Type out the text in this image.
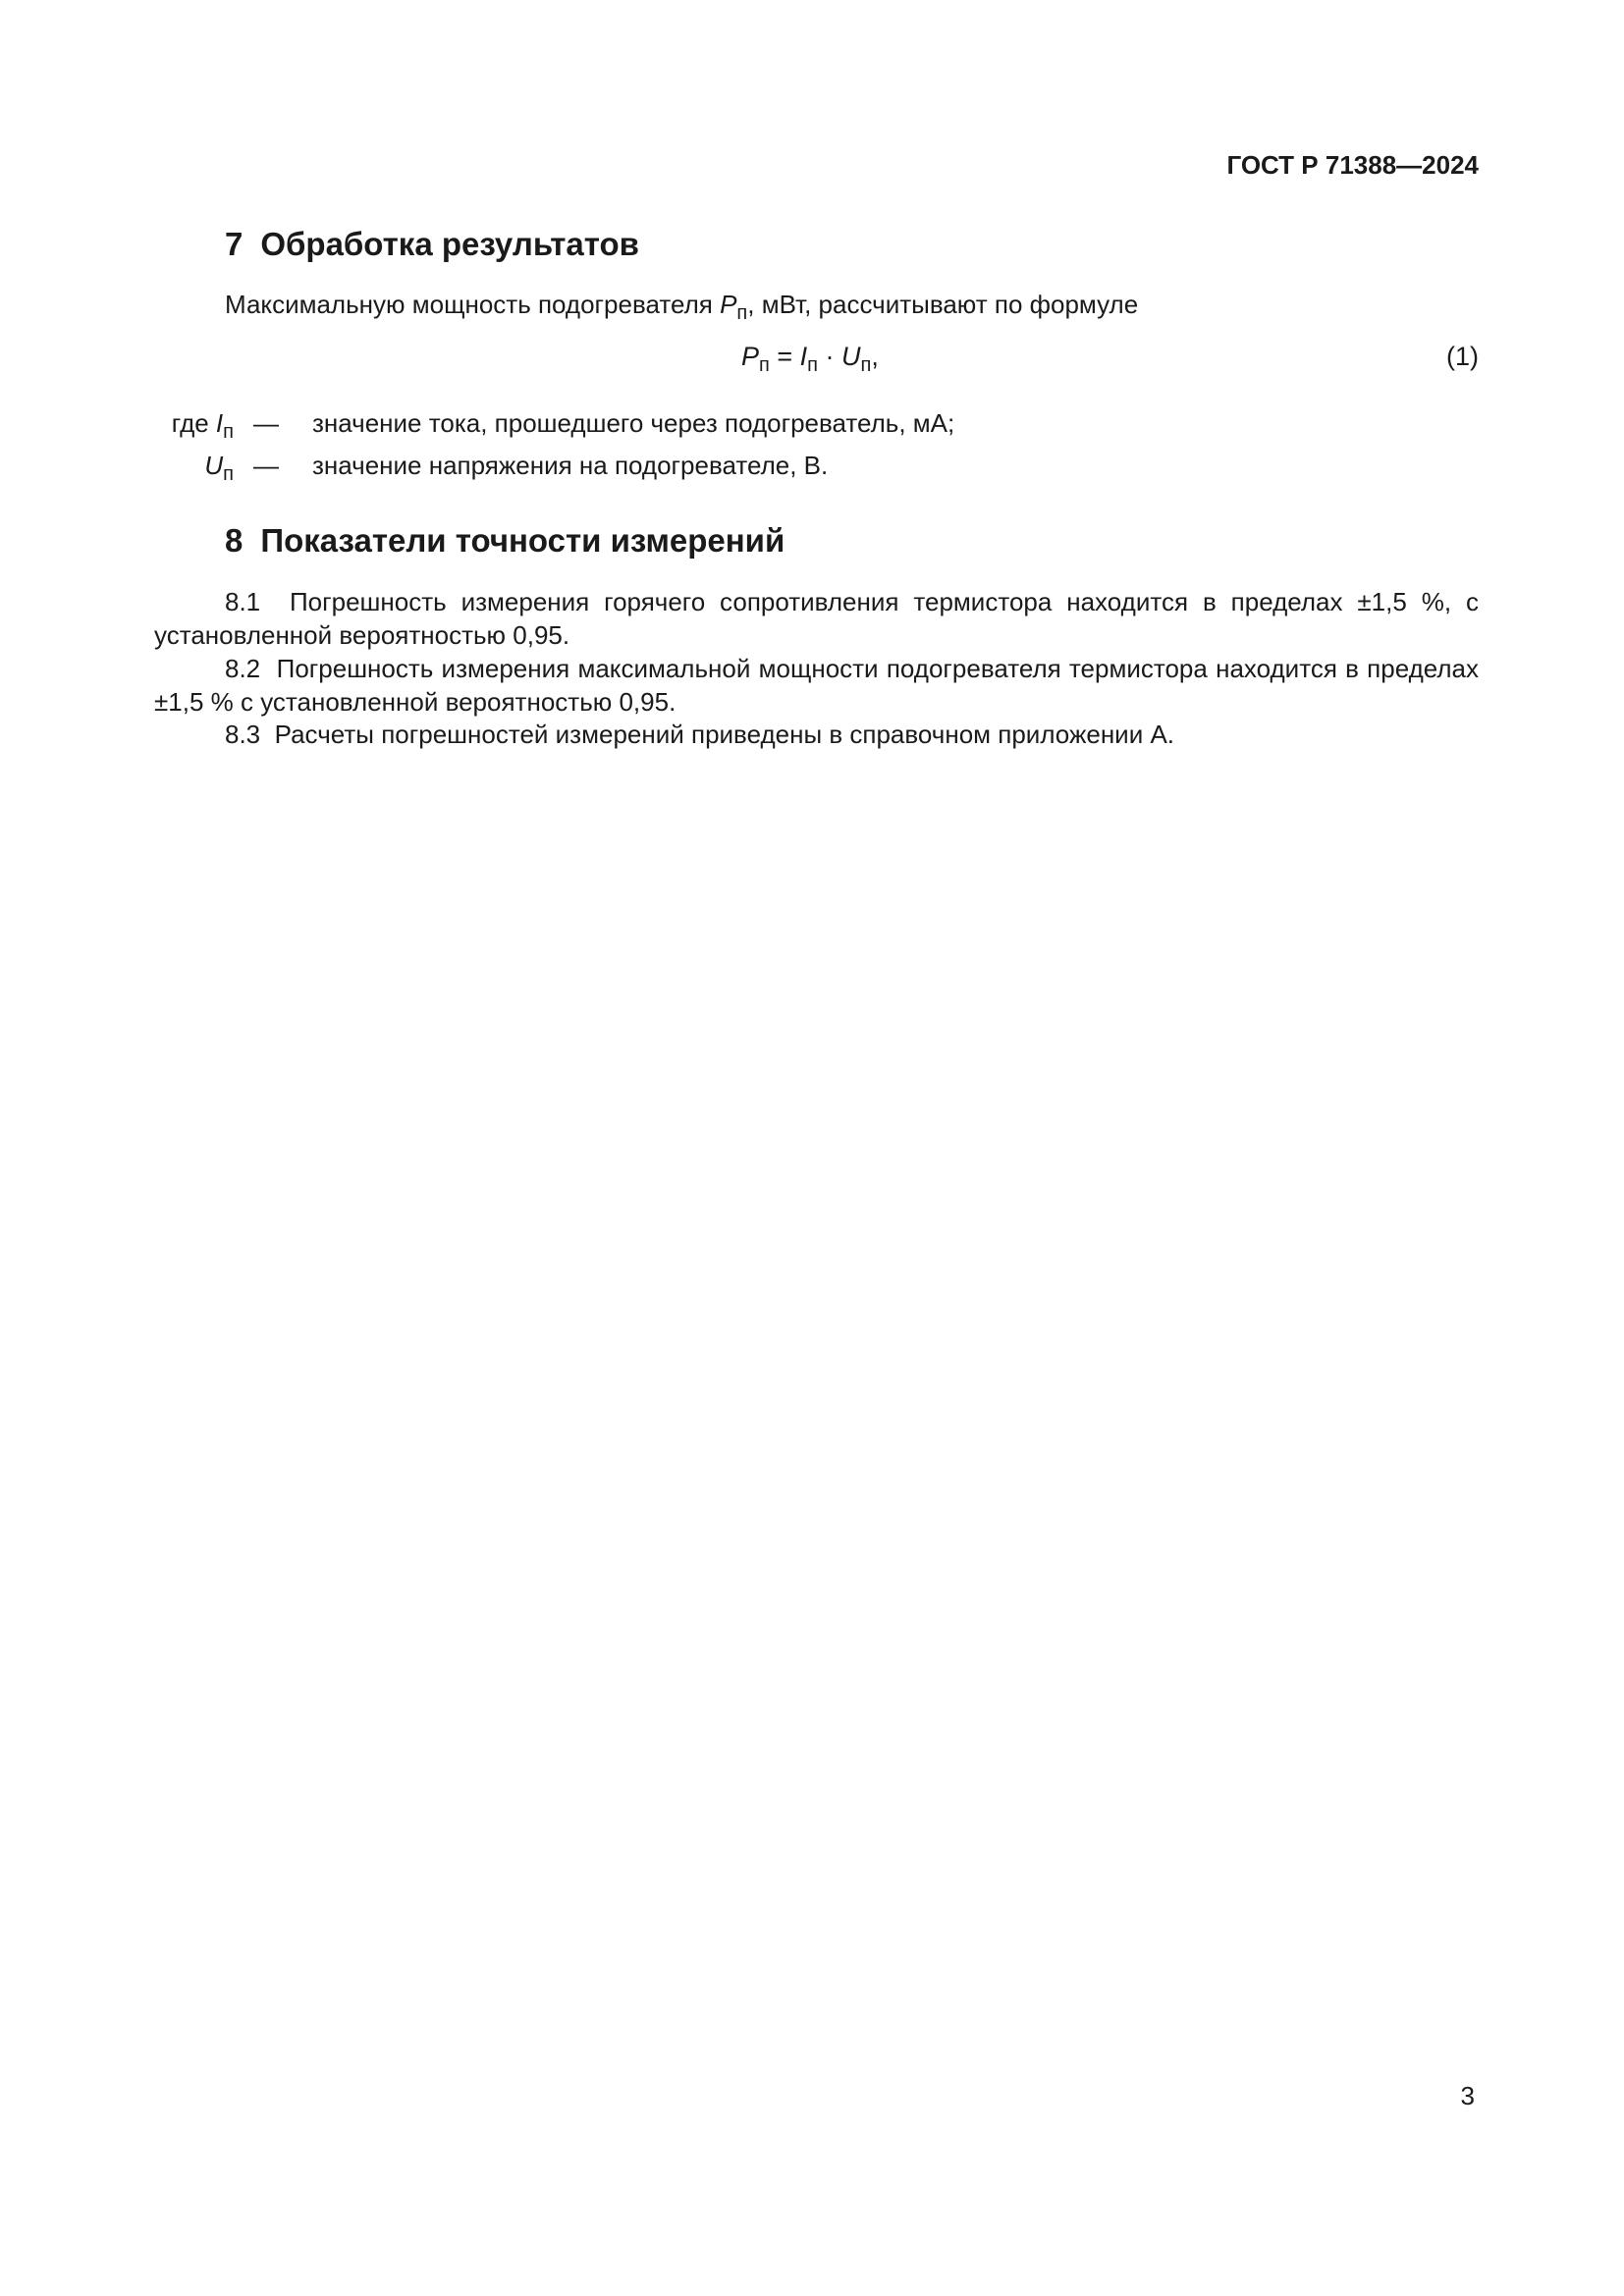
ГОСТ Р 71388—2024
7 Обработка результатов
Максимальную мощность подогревателя $P_п$, мВт, рассчитывают по формуле
$P_п = I_п \cdot U_п$,	(1)
где $I_п$ — значение тока, прошедшего через подогреватель, мА;
$U_п$ — значение напряжения на подогревателе, В.
8 Показатели точности измерений
8.1 Погрешность измерения горячего сопротивления термистора находится в пределах ±1,5 %, с установленной вероятностью 0,95.
8.2 Погрешность измерения максимальной мощности подогревателя термистора находится в пределах ±1,5 % с установленной вероятностью 0,95.
8.3 Расчеты погрешностей измерений приведены в справочном приложении А.
3
